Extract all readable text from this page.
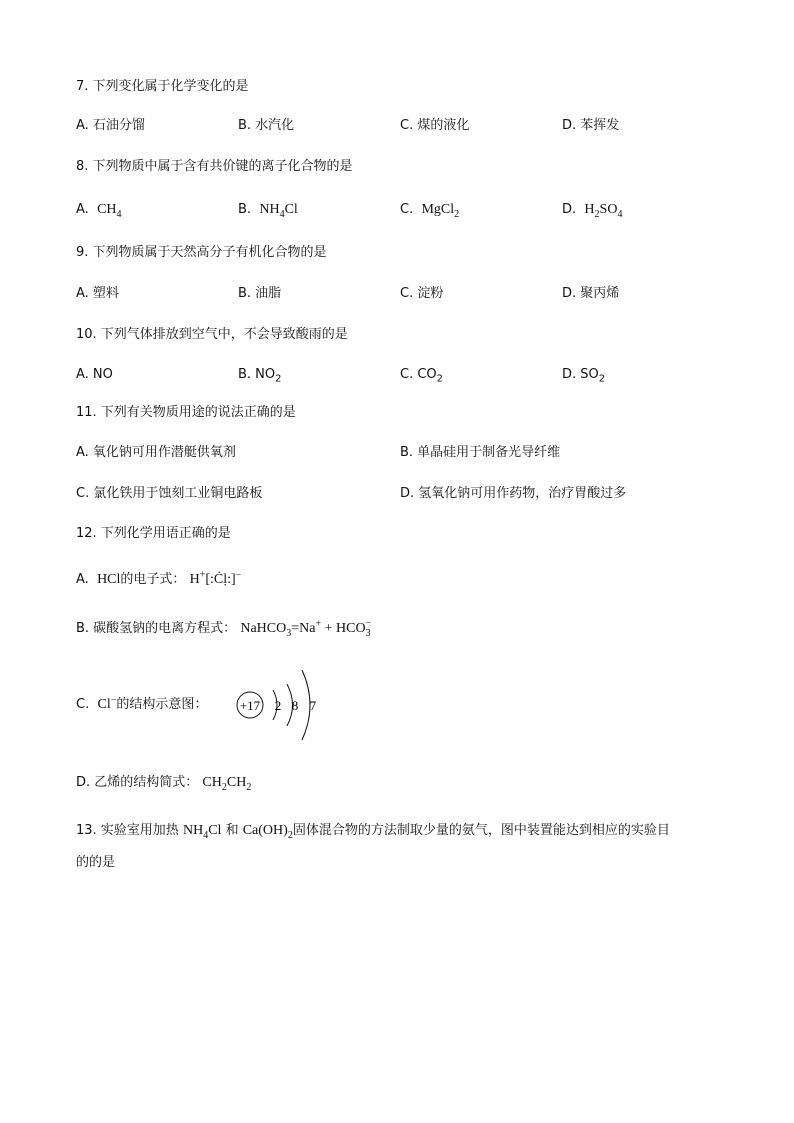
7. 下列变化属于化学变化的是
A. 石油分馏	B. 水汽化	C. 煤的液化	D. 苯挥发
8. 下列物质中属于含有共价键的离子化合物的是
A. $CH_4$	B. $NH_4Cl$	C. MgCl$_2$	D. $H_2SO_4$
9. 下列物质属于天然高分子有机化合物的是
A. 塑料	B. 油脂	C. 淀粉	D. 聚丙烯
10. 下列气体排放到空气中，不会导致酸雨的是
A. NO	B. $NO_2$	C. $CO_2$	D. $SO_2$
11. 下列有关物质用途的说法正确的是
A. 氧化钠可用作潜艇供氧剂	B. 单晶硅用于制备光导纤维
C. 氯化铁用于蚀刻工业铜电路板	D. 氢氧化钠可用作药物，治疗胃酸过多
12. 下列化学用语正确的是
A. HCl的电子式： H+[:Ċḷ:]−
B. 碳酸氢钠的电离方程式： NaHCO$_3$=Na+ + $HCO_3^-$
C. Cl−的结构示意图： +17 2 8 7
D. 乙烯的结构简式： $CH_2CH_2$
13. 实验室用加热 $NH_4Cl$ 和 $Ca(OH)_2$固体混合物的方法制取少量的氨气，图中装置能达到相应的实验目
的的是
